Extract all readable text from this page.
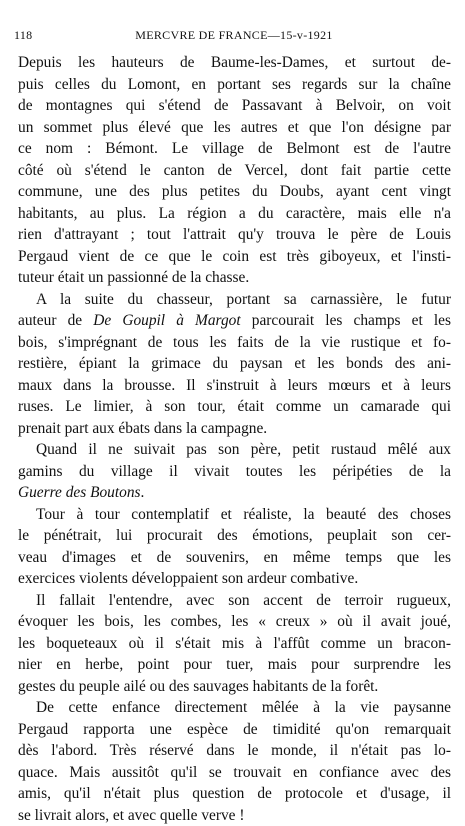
118	MERCVRE DE FRANCE—15-v-1921
Depuis les hauteurs de Baume-les-Dames, et surtout de-
puis celles du Lomont, en portant ses regards sur la chaîne
de montagnes qui s'étend de Passavant à Belvoir, on voit
un sommet plus élevé que les autres et que l'on désigne par
ce nom : Bémont. Le village de Belmont est de l'autre
côté où s'étend le canton de Vercel, dont fait partie cette
commune, une des plus petites du Doubs, ayant cent vingt
habitants, au plus. La région a du caractère, mais elle n'a
rien d'attrayant ; tout l'attrait qu'y trouva le père de Louis
Pergaud vient de ce que le coin est très giboyeux, et l'insti-
tuteur était un passionné de la chasse.
A la suite du chasseur, portant sa carnassière, le futur
auteur de De Goupil à Margot parcourait les champs et les
bois, s'imprégnant de tous les faits de la vie rustique et fo-
restière, épiant la grimace du paysan et les bonds des ani-
maux dans la brousse. Il s'instruit à leurs mœurs et à leurs
ruses. Le limier, à son tour, était comme un camarade qui
prenait part aux ébats dans la campagne.
Quand il ne suivait pas son père, petit rustaud mêlé aux
gamins du village il vivait toutes les péripéties de la
Guerre des Boutons.
Tour à tour contemplatif et réaliste, la beauté des choses
le pénétrait, lui procurait des émotions, peuplait son cer-
veau d'images et de souvenirs, en même temps que les
exercices violents développaient son ardeur combative.
Il fallait l'entendre, avec son accent de terroir rugueux,
évoquer les bois, les combes, les « creux » où il avait joué,
les boqueteaux où il s'était mis à l'affût comme un bracon-
nier en herbe, point pour tuer, mais pour surprendre les
gestes du peuple ailé ou des sauvages habitants de la forêt.
De cette enfance directement mêlée à la vie paysanne
Pergaud rapporta une espèce de timidité qu'on remarquait
dès l'abord. Très réservé dans le monde, il n'était pas lo-
quace. Mais aussitôt qu'il se trouvait en confiance avec des
amis, qu'il n'était plus question de protocole et d'usage, il
se livrait alors, et avec quelle verve !
